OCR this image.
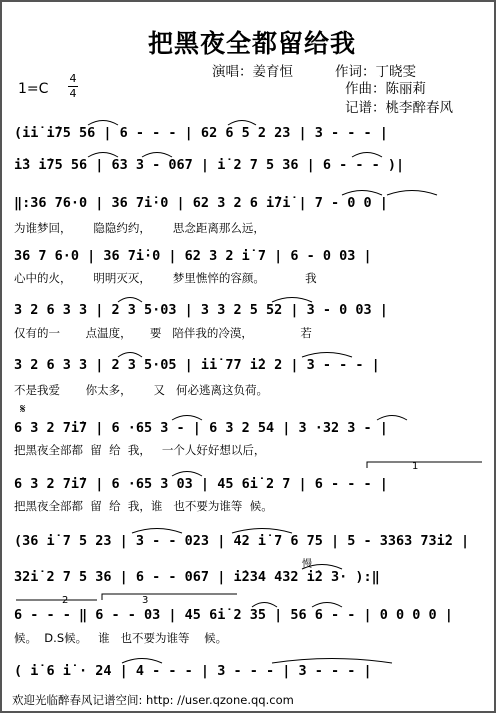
把黑夜全都留给我
演唱：姜育恒	作词：丁晓雯
作曲：陈丽莉
记谱：桃李醉春风
1=C
4
4
(i̇i̇ i̇75 56 | 6 - - - | 62 6 5 2 23 | 3 - - - |
i̇3 i̇75 56 | 63 3 - 067 | i̇ 2 7 5 36 | 6 - - - )|
‖:36 76·0 | 36 7i̇·0 | 62 3 2 6 i̇7i̇ | 7 - 0 0 |
为谁梦回，      隐隐约约，      思念距离那么远，
36 7 6·0 | 36 7i̇·0 | 62 3 2 i̇ 7 | 6 - 0 03 |
心中的火，      明明灭灭，      梦里憔悴的容颜。           我
3 2 6 3 3 | 2 3 5·03 | 3 3 2 5 52 | 3 - 0 03 |
仅有的一       点温度，     要   陪伴我的冷漠，             若
3 2 6 3 3 | 2 3 5·05 | i̇i̇ 77 i̇2 2 | 3 - - - |
不是我爱       你太多，      又   何必逃离这负荷。
𝄋
6 3 2 7i̇7 | 6 ·65 3 - | 6 3 2 54 | 3 ·32 3 - |
把黑夜全部都  留  给  我，   一个人好好想以后，
1
6 3 2 7i̇7 | 6 ·65 3 03 | 45 6i̇ 2 7 | 6 - - - |
把黑夜全部都  留  给  我，谁   也不要为谁等  候。
(36 i̇ 7 5 23 | 3 - - 023 | 42 i̇ 7 6 75 | 5 - 3363 73i̇2 |
慢
32i̇ 2 7 5 36 | 6 - - 067 | i̇234 432 i̇2 3· ):‖
2	3
6 - - - ‖ 6 - - 03 | 45 6i̇ 2 35 | 56 6 - - | 0 0 0 0 |
候。  D.S候。   谁   也不要为谁等    候。
( i̇ 6 i̇ · 24 | 4 - - - | 3 - - - | 3 - - - |
欢迎光临醉春风记谱空间: http: //user.qzone.qq.com
